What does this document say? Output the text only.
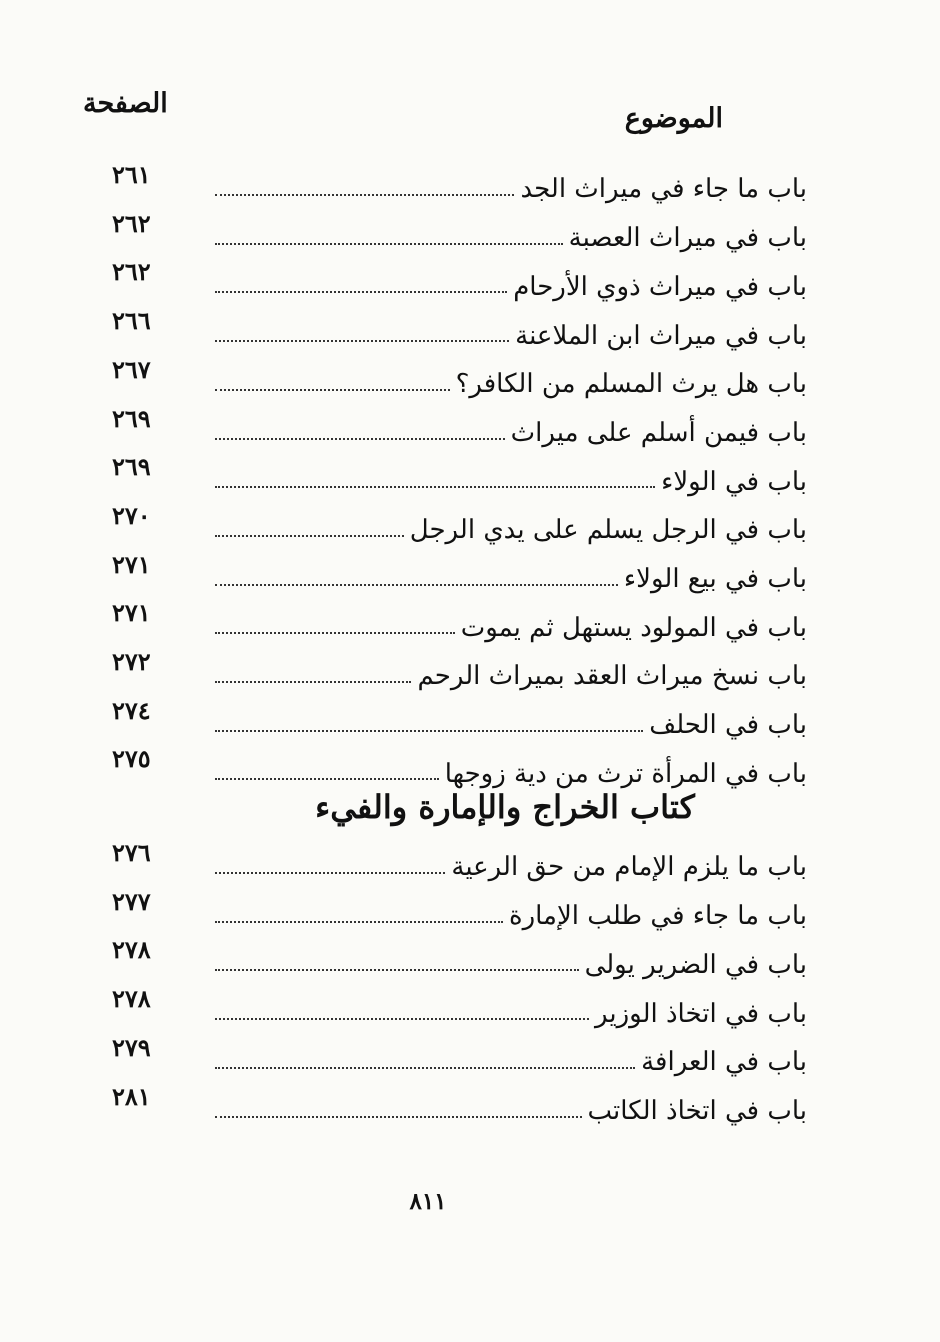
الموضوع
الصفحة
٢٦١	باب ما جاء في ميراث الجد
٢٦٢	باب في ميراث العصبة
٢٦٢	باب في ميراث ذوي الأرحام
٢٦٦	باب في ميراث ابن الملاعنة
٢٦٧	باب هل يرث المسلم من الكافر؟
٢٦٩	باب فيمن أسلم على ميراث
٢٦٩	باب في الولاء
٢٧٠	باب في الرجل يسلم على يدي الرجل
٢٧١	باب في بيع الولاء
٢٧١	باب في المولود يستهل ثم يموت
٢٧٢	باب نسخ ميراث العقد بميراث الرحم
٢٧٤	باب في الحلف
٢٧٥	باب في المرأة ترث من دية زوجها
كتاب الخراج والإمارة والفيء
٢٧٦	باب ما يلزم الإمام من حق الرعية
٢٧٧	باب ما جاء في طلب الإمارة
٢٧٨	باب في الضرير يولى
٢٧٨	باب في اتخاذ الوزير
٢٧٩	باب في العرافة
٢٨١	باب في اتخاذ الكاتب
٨١١
